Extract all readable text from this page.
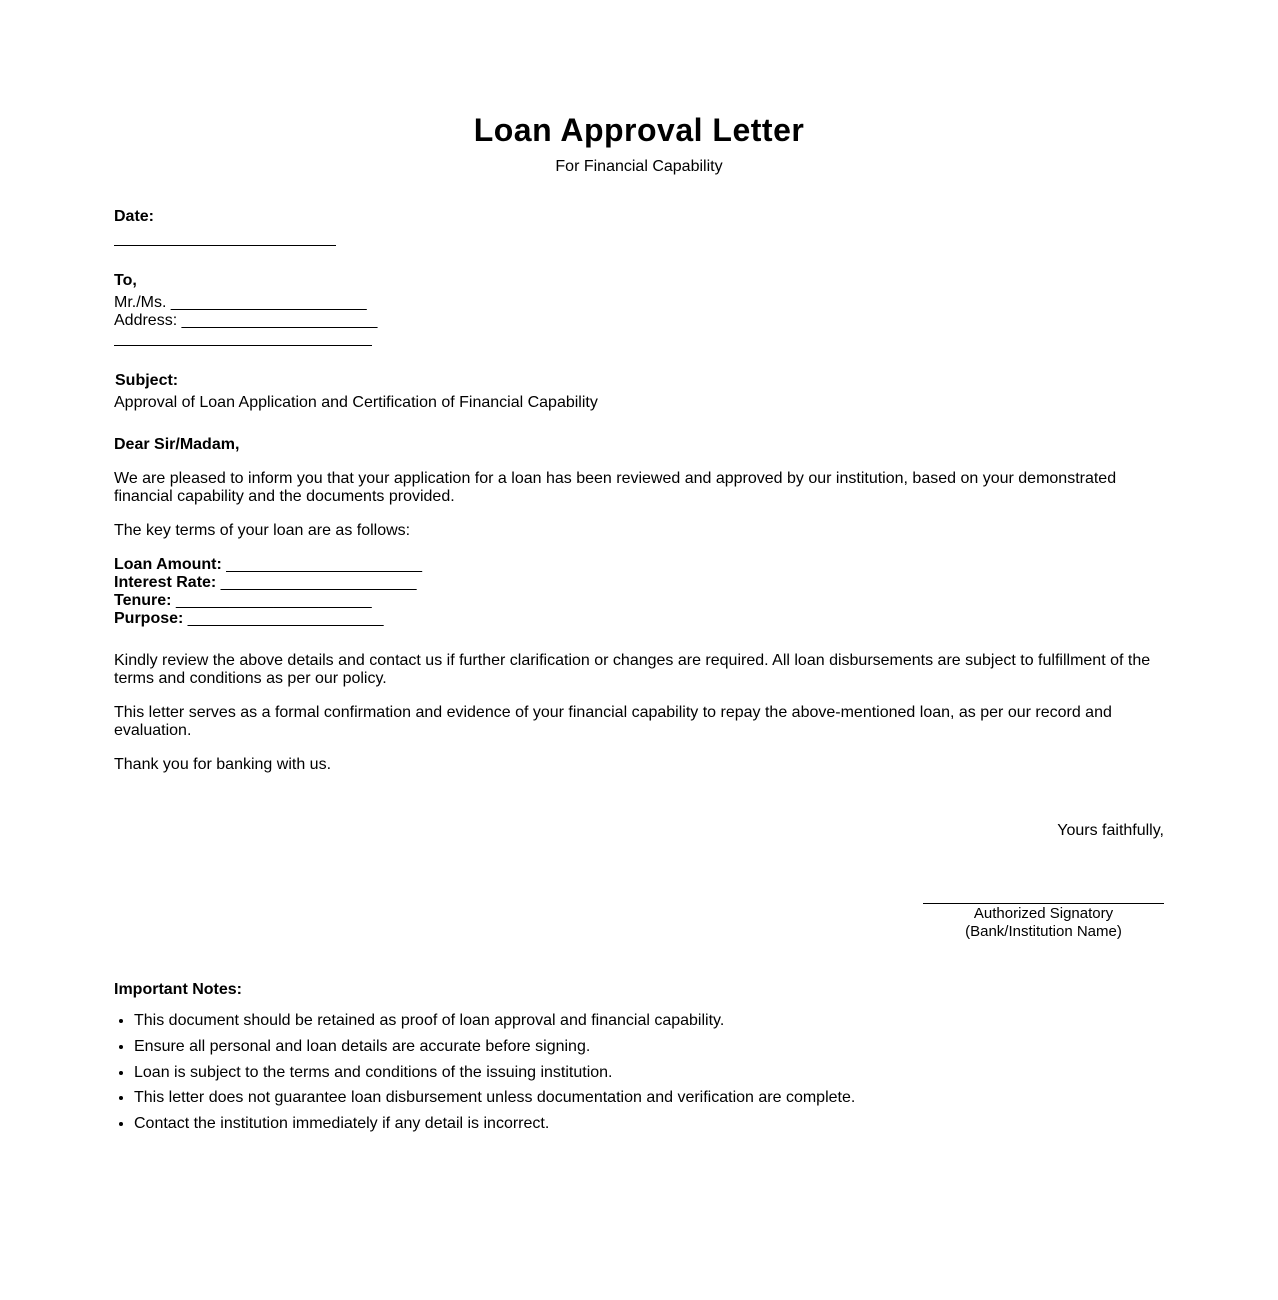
Loan Approval Letter
For Financial Capability
Date:
To,
Mr./Ms. ______________________
Address: ______________________
Subject:
Approval of Loan Application and Certification of Financial Capability
Dear Sir/Madam,
We are pleased to inform you that your application for a loan has been reviewed and approved by our institution, based on your demonstrated financial capability and the documents provided.
The key terms of your loan are as follows:
Loan Amount: ______________________
Interest Rate: ______________________
Tenure: ______________________
Purpose: ______________________
Kindly review the above details and contact us if further clarification or changes are required. All loan disbursements are subject to fulfillment of the terms and conditions as per our policy.
This letter serves as a formal confirmation and evidence of your financial capability to repay the above-mentioned loan, as per our record and evaluation.
Thank you for banking with us.
Yours faithfully,
Authorized Signatory
(Bank/Institution Name)
Important Notes:
• This document should be retained as proof of loan approval and financial capability.
• Ensure all personal and loan details are accurate before signing.
• Loan is subject to the terms and conditions of the issuing institution.
• This letter does not guarantee loan disbursement unless documentation and verification are complete.
• Contact the institution immediately if any detail is incorrect.
